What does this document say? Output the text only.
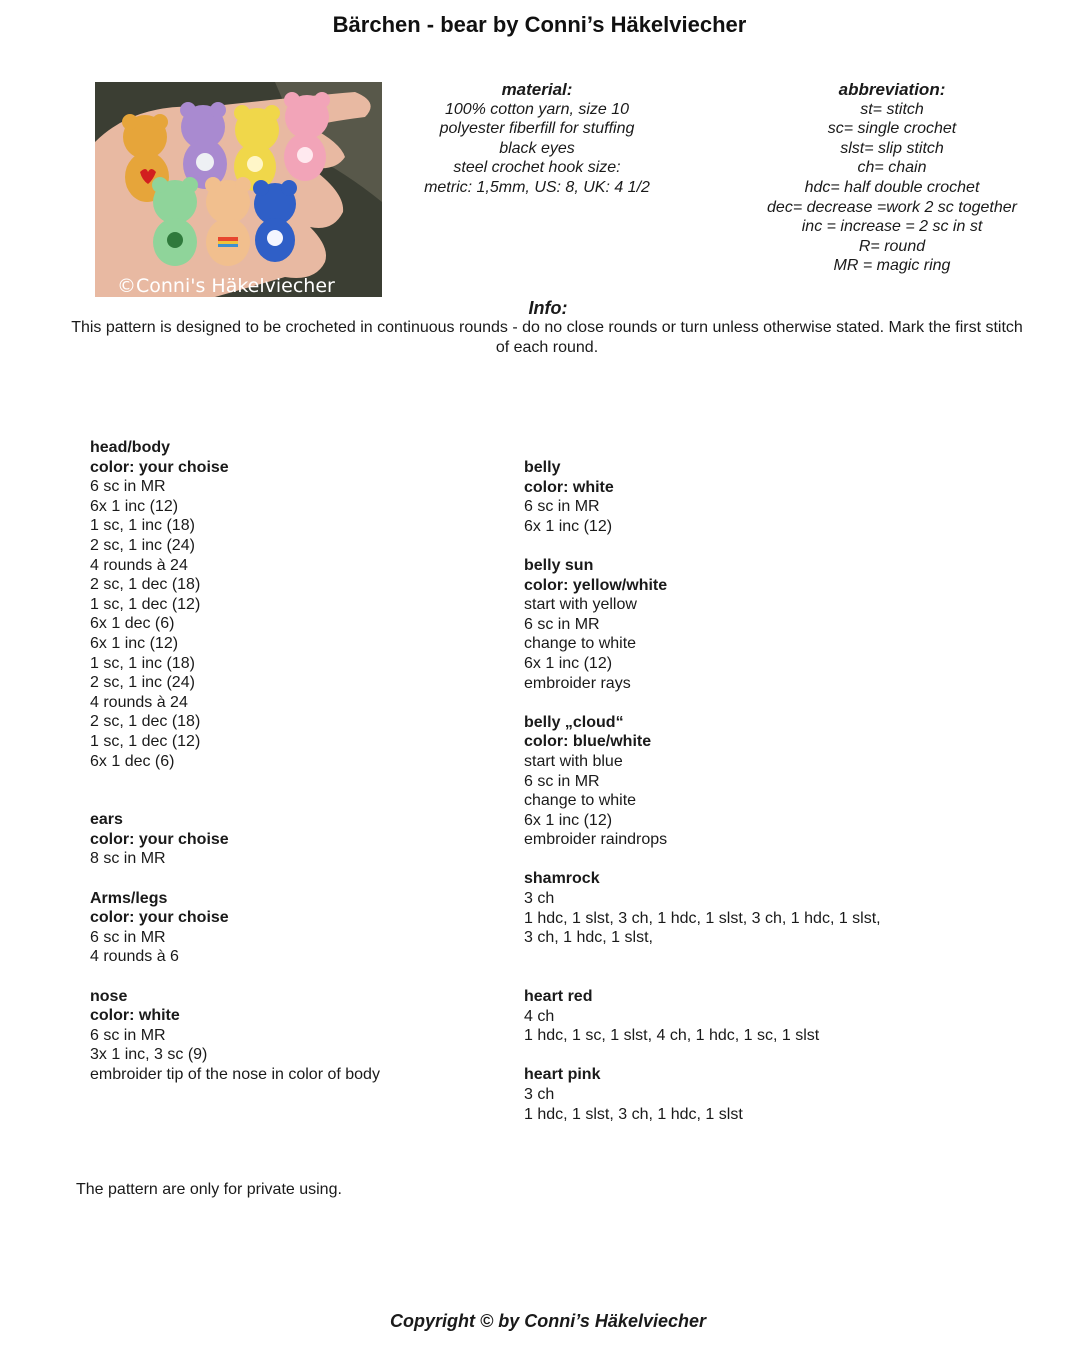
Bärchen - bear by Conni’s Häkelviecher
©Conni's Häkelviecher
material:
100% cotton yarn, size 10
polyester fiberfill for stuffing
black eyes
steel crochet hook size:
metric: 1,5mm, US: 8, UK: 4 1/2
abbreviation:
st= stitch
sc= single crochet
slst= slip stitch
ch= chain
hdc= half double crochet
dec= decrease =work 2 sc together
inc = increase = 2 sc in st
R= round
MR = magic ring
Info:
This pattern is designed to be crocheted in continuous rounds - do no close rounds or turn unless otherwise stated. Mark the first stitch of each round.
head/body
color: your choise
6 sc in MR
6x 1 inc (12)
1 sc, 1 inc (18)
2 sc, 1 inc (24)
4 rounds à 24
2 sc, 1 dec (18)
1 sc, 1 dec (12)
6x 1 dec (6)
6x 1 inc (12)
1 sc, 1 inc (18)
2 sc, 1 inc (24)
4 rounds à 24
2 sc, 1 dec (18)
1 sc, 1 dec (12)
6x 1 dec (6)
ears
color: your choise
8 sc in MR
Arms/legs
color: your choise
6 sc in MR
4 rounds à 6
nose
color: white
6 sc in MR
3x 1 inc, 3 sc (9)
embroider tip of the nose in color of body
belly
color: white
6 sc in MR
6x 1 inc (12)
belly sun
color: yellow/white
start with yellow
6 sc in MR
change to white
6x 1 inc (12)
embroider rays
belly „cloud“
color: blue/white
start with blue
6 sc in MR
change to white
6x 1 inc (12)
embroider raindrops
shamrock
3 ch
1 hdc, 1 slst, 3 ch, 1 hdc, 1 slst, 3 ch, 1 hdc, 1 slst,
3 ch, 1 hdc, 1 slst,
heart red
4 ch
1 hdc, 1 sc, 1 slst, 4 ch, 1 hdc, 1 sc, 1 slst
heart pink
3 ch
1 hdc, 1 slst, 3 ch, 1 hdc, 1 slst
The pattern are only for private using.
Copyright © by Conni’s Häkelviecher
